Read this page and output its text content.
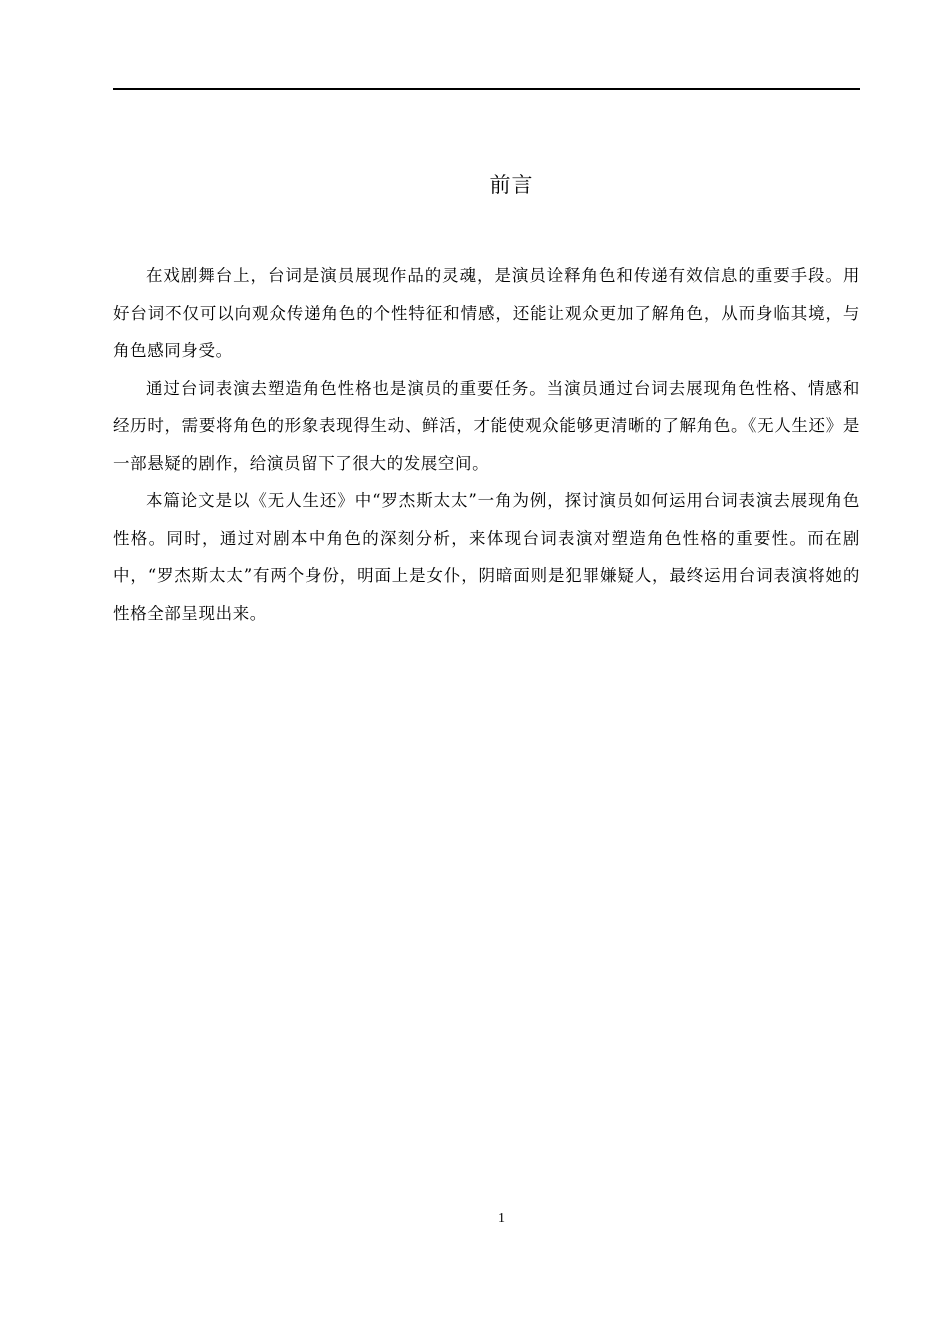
前言

在戏剧舞台上，台词是演员展现作品的灵魂，是演员诠释角色和传递有效信息的重要手段。用好台词不仅可以向观众传递角色的个性特征和情感，还能让观众更加了解角色，从而身临其境，与角色感同身受。

通过台词表演去塑造角色性格也是演员的重要任务。当演员通过台词去展现角色性格、情感和经历时，需要将角色的形象表现得生动、鲜活，才能使观众能够更清晰的了解角色。《无人生还》是一部悬疑的剧作，给演员留下了很大的发展空间。

本篇论文是以《无人生还》中“罗杰斯太太”一角为例，探讨演员如何运用台词表演去展现角色性格。同时，通过对剧本中角色的深刻分析，来体现台词表演对塑造角色性格的重要性。而在剧中，“罗杰斯太太”有两个身份，明面上是女仆，阴暗面则是犯罪嫌疑人，最终运用台词表演将她的性格全部呈现出来。

1
